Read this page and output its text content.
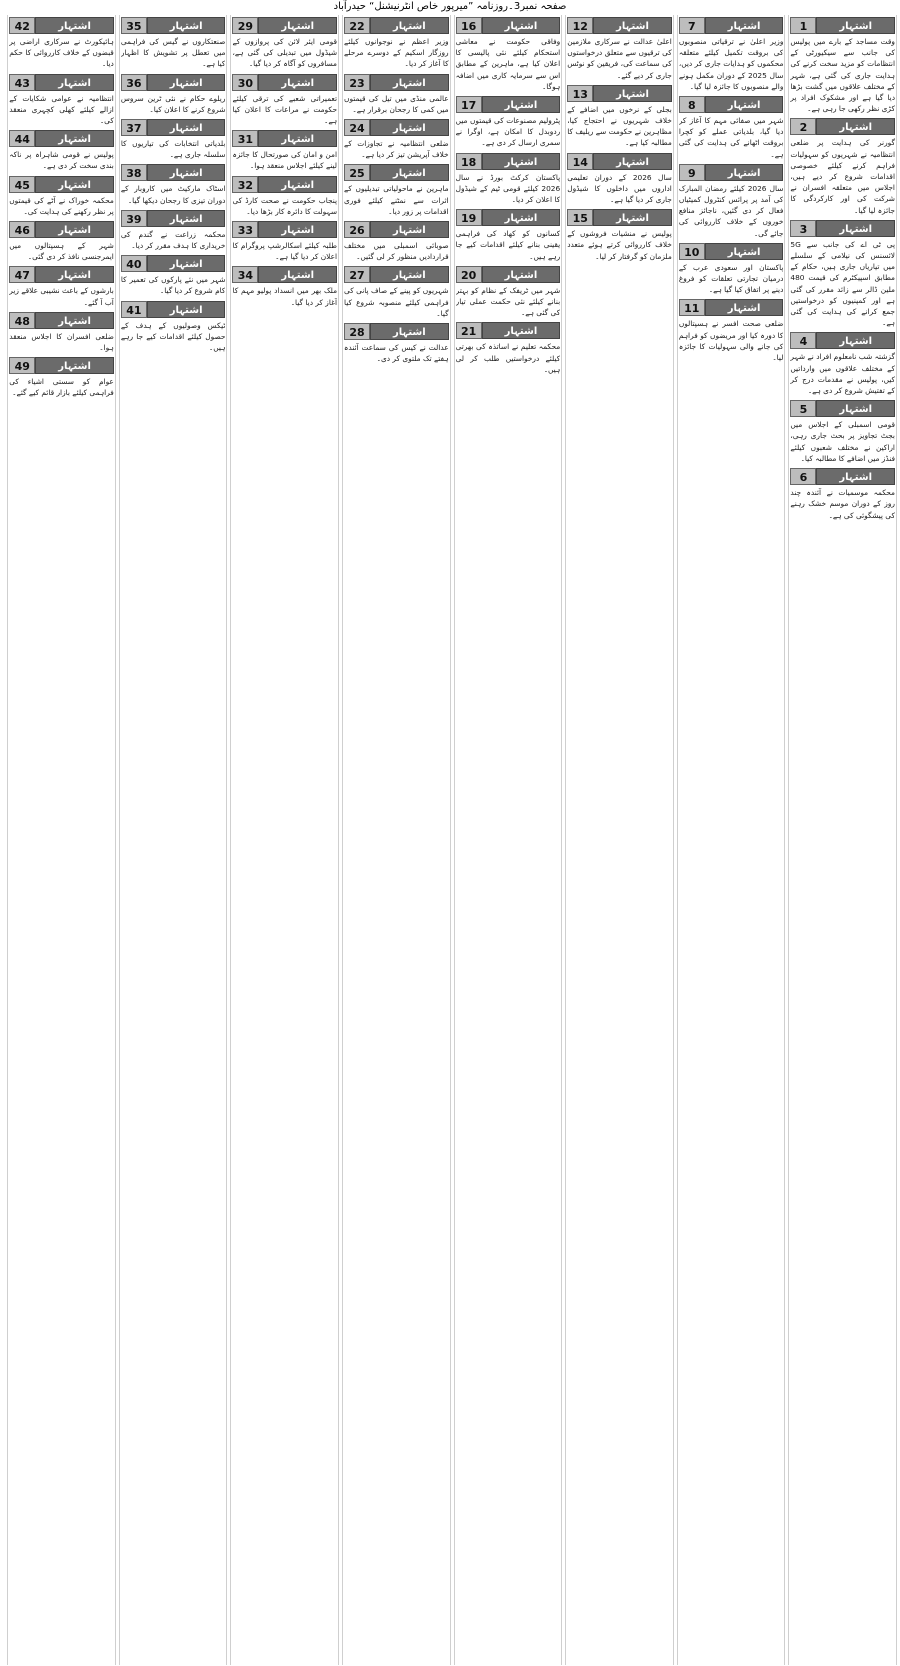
صفحہ نمبر3۔روزنامہ ”میرپور خاص انٹرنیشنل“ حیدرآباد
1	اشتہار
وقت مساجد کے بارے میں پولیس کی جانب سے سیکیورٹی کے انتظامات کو مزید سخت کرنے کی ہدایت جاری کی گئی ہے، شہر کے مختلف علاقوں میں گشت بڑھا دیا گیا ہے اور مشکوک افراد پر کڑی نظر رکھی جا رہی ہے۔
2	اشتہار
گورنر کی ہدایت پر ضلعی انتظامیہ نے شہریوں کو سہولیات فراہم کرنے کیلئے خصوصی اقدامات شروع کر دیے ہیں، اجلاس میں متعلقہ افسران نے شرکت کی اور کارکردگی کا جائزہ لیا گیا۔
3	اشتہار
پی ٹی اے کی جانب سے 5G لائسنس کی نیلامی کے سلسلے میں تیاریاں جاری ہیں، حکام کے مطابق اسپیکٹرم کی قیمت 480 ملین ڈالر سے زائد مقرر کی گئی ہے اور کمپنیوں کو درخواستیں جمع کرانے کی ہدایت کی گئی ہے۔
4	اشتہار
گزشتہ شب نامعلوم افراد نے شہر کے مختلف علاقوں میں وارداتیں کیں، پولیس نے مقدمات درج کر کے تفتیش شروع کر دی ہے۔
5	اشتہار
قومی اسمبلی کے اجلاس میں بجٹ تجاویز پر بحث جاری رہی، اراکین نے مختلف شعبوں کیلئے فنڈز میں اضافے کا مطالبہ کیا۔
6	اشتہار
محکمہ موسمیات نے آئندہ چند روز کے دوران موسم خشک رہنے کی پیشگوئی کی ہے۔
7	اشتہار
وزیر اعلیٰ نے ترقیاتی منصوبوں کی بروقت تکمیل کیلئے متعلقہ محکموں کو ہدایات جاری کر دیں، سال 2025 کے دوران مکمل ہونے والے منصوبوں کا جائزہ لیا گیا۔
8	اشتہار
شہر میں صفائی مہم کا آغاز کر دیا گیا، بلدیاتی عملے کو کچرا بروقت اٹھانے کی ہدایت کی گئی ہے۔
9	اشتہار
سال 2026 کیلئے رمضان المبارک کی آمد پر پرائس کنٹرول کمیٹیاں فعال کر دی گئیں، ناجائز منافع خوروں کے خلاف کارروائی کی جائے گی۔
10	اشتہار
پاکستان اور سعودی عرب کے درمیان تجارتی تعلقات کو فروغ دینے پر اتفاق کیا گیا ہے۔
11	اشتہار
ضلعی صحت افسر نے ہسپتالوں کا دورہ کیا اور مریضوں کو فراہم کی جانے والی سہولیات کا جائزہ لیا۔
12	اشتہار
اعلیٰ عدالت نے سرکاری ملازمین کی ترقیوں سے متعلق درخواستوں کی سماعت کی، فریقین کو نوٹس جاری کر دیے گئے۔
13	اشتہار
بجلی کے نرخوں میں اضافے کے خلاف شہریوں نے احتجاج کیا، مظاہرین نے حکومت سے ریلیف کا مطالبہ کیا ہے۔
14	اشتہار
سال 2026 کے دوران تعلیمی اداروں میں داخلوں کا شیڈول جاری کر دیا گیا ہے۔
15	اشتہار
پولیس نے منشیات فروشوں کے خلاف کارروائی کرتے ہوئے متعدد ملزمان کو گرفتار کر لیا۔
16	اشتہار
وفاقی حکومت نے معاشی استحکام کیلئے نئی پالیسی کا اعلان کیا ہے، ماہرین کے مطابق اس سے سرمایہ کاری میں اضافہ ہوگا۔
17	اشتہار
پٹرولیم مصنوعات کی قیمتوں میں ردوبدل کا امکان ہے، اوگرا نے سمری ارسال کر دی ہے۔
18	اشتہار
پاکستان کرکٹ بورڈ نے سال 2026 کیلئے قومی ٹیم کے شیڈول کا اعلان کر دیا۔
19	اشتہار
کسانوں کو کھاد کی فراہمی یقینی بنانے کیلئے اقدامات کیے جا رہے ہیں۔
20	اشتہار
شہر میں ٹریفک کے نظام کو بہتر بنانے کیلئے نئی حکمت عملی تیار کی گئی ہے۔
21	اشتہار
محکمہ تعلیم نے اساتذہ کی بھرتی کیلئے درخواستیں طلب کر لی ہیں۔
22	اشتہار
وزیر اعظم نے نوجوانوں کیلئے روزگار اسکیم کے دوسرے مرحلے کا آغاز کر دیا۔
23	اشتہار
عالمی منڈی میں تیل کی قیمتوں میں کمی کا رجحان برقرار ہے۔
24	اشتہار
ضلعی انتظامیہ نے تجاوزات کے خلاف آپریشن تیز کر دیا ہے۔
25	اشتہار
ماہرین نے ماحولیاتی تبدیلیوں کے اثرات سے نمٹنے کیلئے فوری اقدامات پر زور دیا۔
26	اشتہار
صوبائی اسمبلی میں مختلف قراردادیں منظور کر لی گئیں۔
27	اشتہار
شہریوں کو پینے کے صاف پانی کی فراہمی کیلئے منصوبہ شروع کیا گیا۔
28	اشتہار
عدالت نے کیس کی سماعت آئندہ ہفتے تک ملتوی کر دی۔
29	اشتہار
قومی ایئر لائن کی پروازوں کے شیڈول میں تبدیلی کی گئی ہے، مسافروں کو آگاہ کر دیا گیا۔
30	اشتہار
تعمیراتی شعبے کی ترقی کیلئے حکومت نے مراعات کا اعلان کیا ہے۔
31	اشتہار
امن و امان کی صورتحال کا جائزہ لینے کیلئے اجلاس منعقد ہوا۔
32	اشتہار
پنجاب حکومت نے صحت کارڈ کی سہولت کا دائرہ کار بڑھا دیا۔
33	اشتہار
طلبہ کیلئے اسکالرشپ پروگرام کا اعلان کر دیا گیا ہے۔
34	اشتہار
ملک بھر میں انسداد پولیو مہم کا آغاز کر دیا گیا۔
35	اشتہار
صنعتکاروں نے گیس کی فراہمی میں تعطل پر تشویش کا اظہار کیا ہے۔
36	اشتہار
ریلوے حکام نے نئی ٹرین سروس شروع کرنے کا اعلان کیا۔
37	اشتہار
بلدیاتی انتخابات کی تیاریوں کا سلسلہ جاری ہے۔
38	اشتہار
اسٹاک مارکیٹ میں کاروبار کے دوران تیزی کا رجحان دیکھا گیا۔
39	اشتہار
محکمہ زراعت نے گندم کی خریداری کا ہدف مقرر کر دیا۔
40	اشتہار
شہر میں نئے پارکوں کی تعمیر کا کام شروع کر دیا گیا۔
41	اشتہار
ٹیکس وصولیوں کے ہدف کے حصول کیلئے اقدامات کیے جا رہے ہیں۔
42	اشتہار
ہائیکورٹ نے سرکاری اراضی پر قبضوں کے خلاف کارروائی کا حکم دیا۔
43	اشتہار
انتظامیہ نے عوامی شکایات کے ازالے کیلئے کھلی کچہری منعقد کی۔
44	اشتہار
پولیس نے قومی شاہراہ پر ناکہ بندی سخت کر دی ہے۔
45	اشتہار
محکمہ خوراک نے آٹے کی قیمتوں پر نظر رکھنے کی ہدایت کی۔
46	اشتہار
شہر کے ہسپتالوں میں ایمرجنسی نافذ کر دی گئی۔
47	اشتہار
بارشوں کے باعث نشیبی علاقے زیر آب آ گئے۔
48	اشتہار
ضلعی افسران کا اجلاس منعقد ہوا۔
49	اشتہار
عوام کو سستی اشیاء کی فراہمی کیلئے بازار قائم کیے گئے۔
